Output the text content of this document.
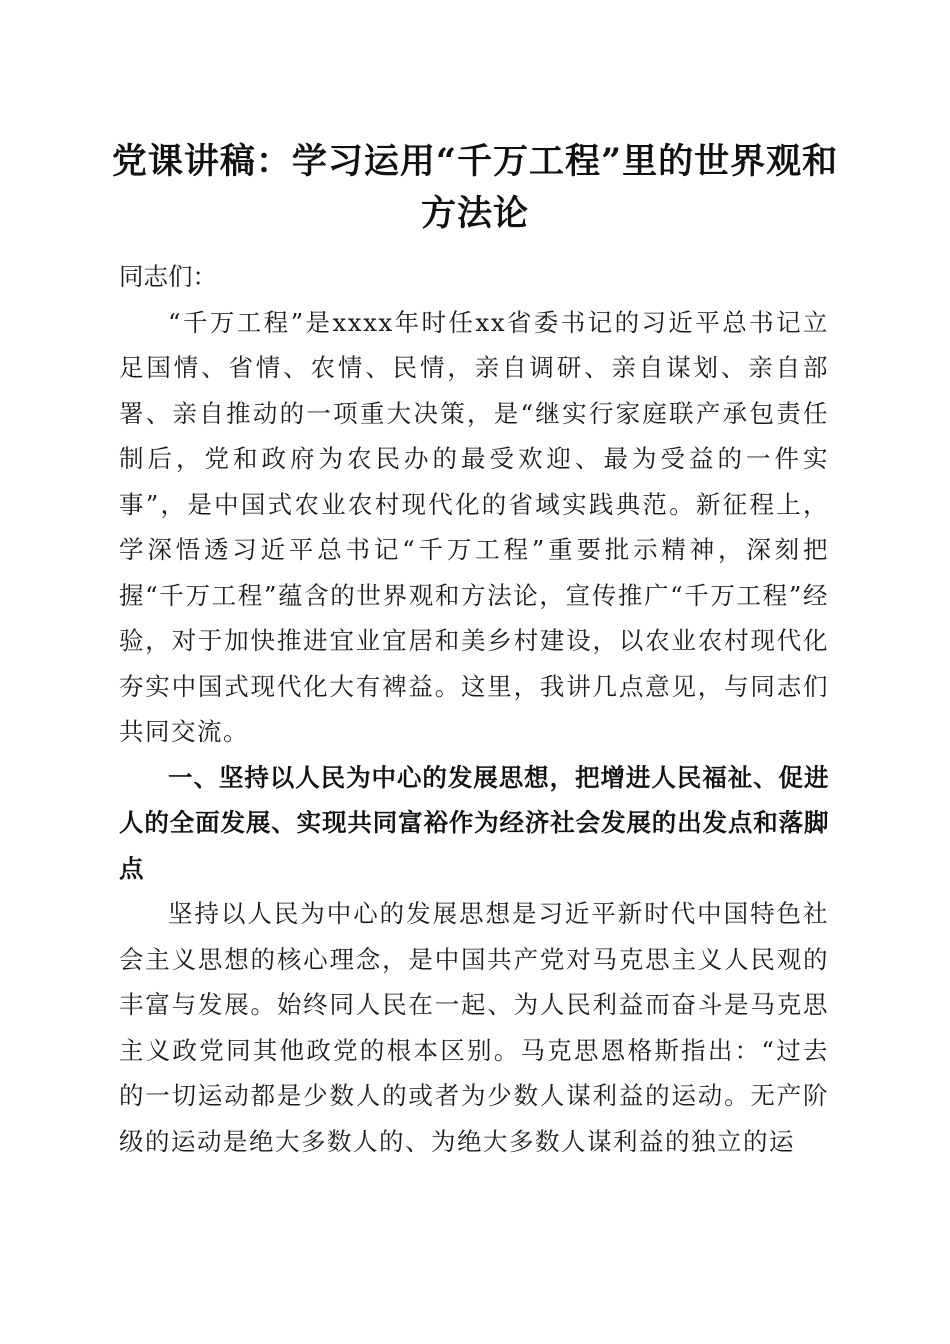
党课讲稿：学习运用“千万工程”里的世界观和方法论

同志们：

“千万工程”是xxxx年时任xx省委书记的习近平总书记立足国情、省情、农情、民情，亲自调研、亲自谋划、亲自部署、亲自推动的一项重大决策，是“继实行家庭联产承包责任制后，党和政府为农民办的最受欢迎、最为受益的一件实事”，是中国式农业农村现代化的省域实践典范。新征程上，学深悟透习近平总书记“千万工程”重要批示精神，深刻把握“千万工程”蕴含的世界观和方法论，宣传推广“千万工程”经验，对于加快推进宜业宜居和美乡村建设，以农业农村现代化夯实中国式现代化大有裨益。这里，我讲几点意见，与同志们共同交流。

一、坚持以人民为中心的发展思想，把增进人民福祉、促进人的全面发展、实现共同富裕作为经济社会发展的出发点和落脚点

坚持以人民为中心的发展思想是习近平新时代中国特色社会主义思想的核心理念，是中国共产党对马克思主义人民观的丰富与发展。始终同人民在一起、为人民利益而奋斗是马克思主义政党同其他政党的根本区别。马克思恩格斯指出：“过去的一切运动都是少数人的或者为少数人谋利益的运动。无产阶级的运动是绝大多数人的、为绝大多数人谋利益的独立的运
